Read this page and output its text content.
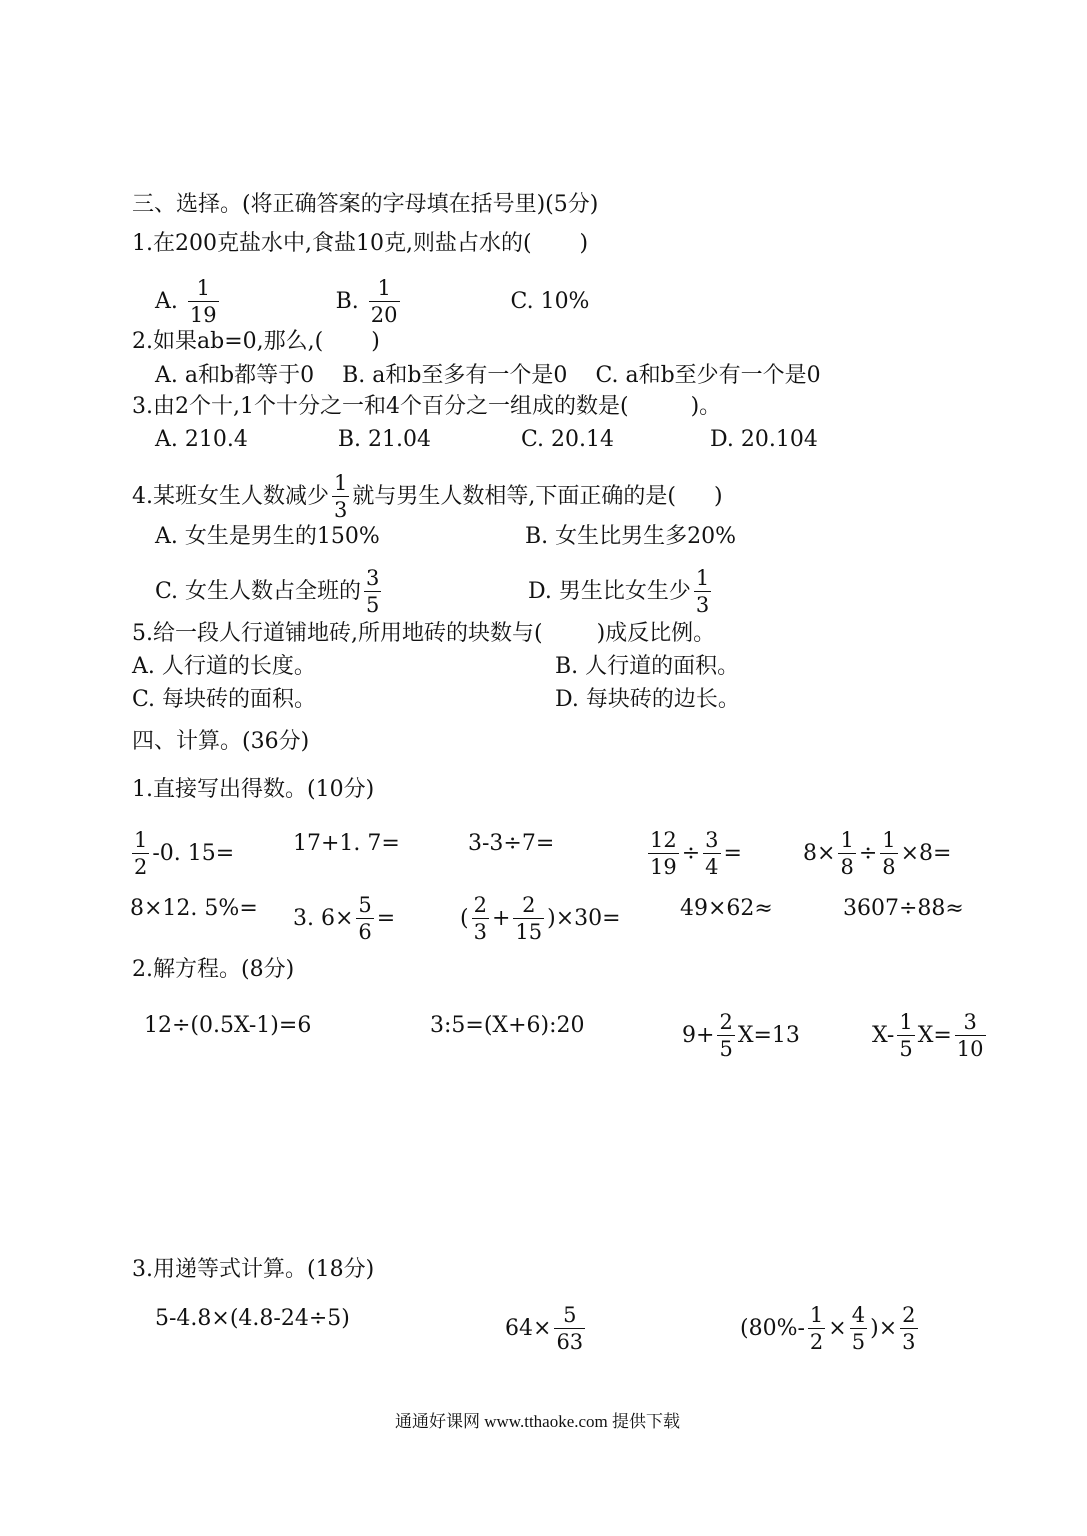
三、选择。(将正确答案的字母填在括号里)(5分)
1.在200克盐水中,食盐10克,则盐占水的( )
A. $\frac{1}{19}$	B. $\frac{1}{20}$	C. 10%
2.如果ab=0,那么,( )
A. a和b都等于0 B. a和b至多有一个是0 C. a和b至少有一个是0
3.由2个十,1个十分之一和4个百分之一组成的数是(	)。
A. 210.4	B. 21.04	C. 20.14	D. 20.104
4.某班女生人数减少 $\frac{1}{3}$ 就与男生人数相等,下面正确的是( )
A. 女生是男生的150%	B. 女生比男生多20%
C. 女生人数占全班的 $\frac{3}{5}$	D. 男生比女生少 $\frac{1}{3}$
5.给一段人行道铺地砖,所用地砖的块数与( )成反比例。
A. 人行道的长度。	B. 人行道的面积。
C. 每块砖的面积。	D. 每块砖的边长。
四、计算。(36分)
1.直接写出得数。(10分)
$\frac{1}{2} -0$. 15=	17+1. 7=	3-3÷7=	$\frac{12}{19} \div \frac{3}{4}$ =	$8\times \frac{1}{8} \div \frac{1}{8} \times 8=$
8×12. 5%= 3. $6\times \frac{5}{6}$ =	( $\frac{2}{3} + \frac{2}{15} )\times 30=$	49×62≈	3607÷88≈
2.解方程。(8分)
12÷(0.5X-1)=6	3:5=(X+6):20	$9+ \frac{2}{5} X=13$	$X- \frac{1}{5} X= \frac{3}{10}$
3.用递等式计算。(18分)
5-4.8×(4.8-24÷5)	$64\times \frac{5}{63}$	($80\%- \frac{1}{2} \times \frac{4}{5}$ )× $\frac{2}{3}$
通通好课网 www.tthaoke.com 提供下载
